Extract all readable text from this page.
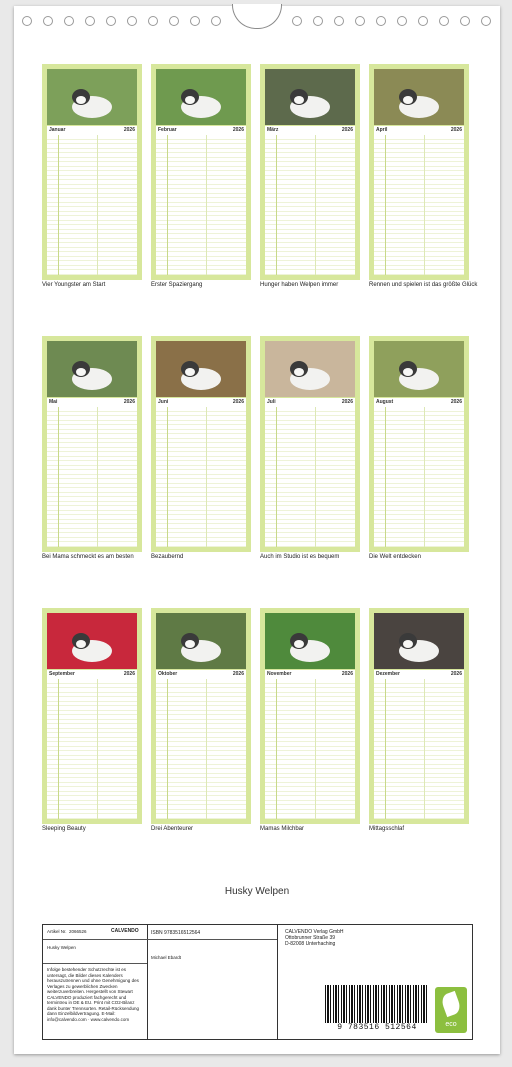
Januar	2026
Vier Youngster am Start
Februar	2026
Erster Spaziergang
März	2026
Hunger haben Welpen immer
April	2026
Rennen und spielen ist das größte Glück
Mai	2026
Bei Mama schmeckt es am besten
Juni	2026
Bezaubernd
Juli	2026
Auch im Studio ist es bequem
August	2026
Die Welt entdecken
September	2026
Sleeping Beauty
Oktober	2026
Drei Abenteurer
November	2026
Mamas Milchbar
Dezember	2026
Mittagsschlaf
Husky Welpen
Artikel Nr. 2066526	CALVENDO
Husky Welpen
Infolge bestehender Schutzrechte ist es untersagt, die Bilder dieses Kalenders herauszutrennen und ohne Genehmigung des Verlages zu gewerblichen Zwecken weiterzuverbreiten. Hergestellt von Stewart CALVENDO produziert fachgerecht und termintreu in DE & EU. Print mit CO2-Bilanz dank bunter Trennsorten. Retail-Rücksendung dann Einzelbildvertragung. E-Mail: info@calvendo.com · www.calvendo.com
ISBN 9783516512564
Michael Ebardt
CALVENDO Verlag GmbH
Ottobrunner Straße 39
D-82008 Unterhaching
9 783516 512564	eco
